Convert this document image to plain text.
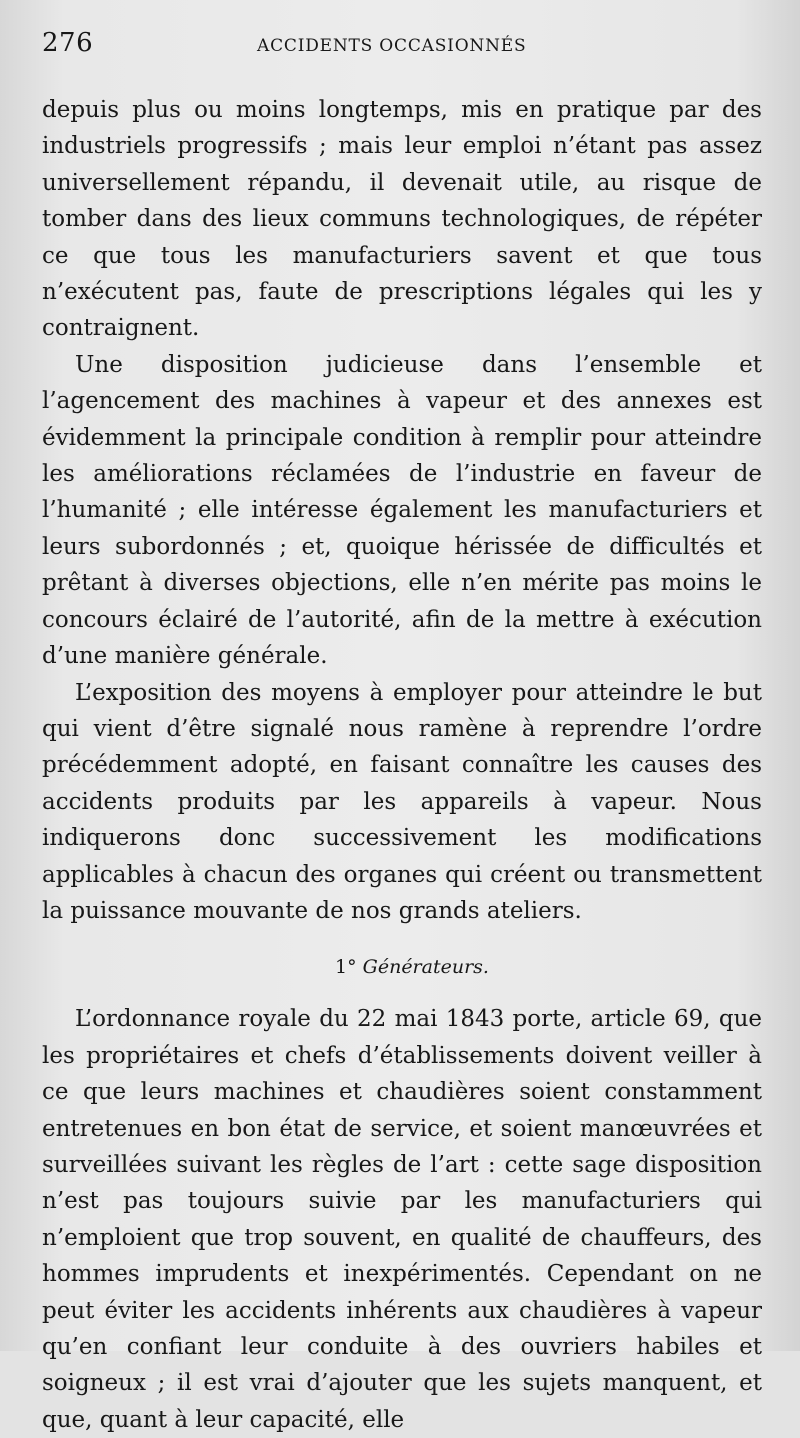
276	ACCIDENTS OCCASIONNÉS

depuis plus ou moins longtemps, mis en pratique par des industriels progressifs ; mais leur emploi n’étant pas assez universellement répandu, il devenait utile, au risque de tomber dans des lieux communs technologiques, de répéter ce que tous les manufacturiers savent et que tous n’exécutent pas, faute de prescriptions légales qui les y contraignent.

Une disposition judicieuse dans l’ensemble et l’agencement des machines à vapeur et des annexes est évidemment la principale condition à remplir pour atteindre les améliorations réclamées de l’industrie en faveur de l’humanité ; elle intéresse également les manufacturiers et leurs subordonnés ; et, quoique hérissée de difficultés et prêtant à diverses objections, elle n’en mérite pas moins le concours éclairé de l’autorité, afin de la mettre à exécution d’une manière générale.

L’exposition des moyens à employer pour atteindre le but qui vient d’être signalé nous ramène à reprendre l’ordre précédemment adopté, en faisant connaître les causes des accidents produits par les appareils à vapeur. Nous indiquerons donc successivement les modifications applicables à chacun des organes qui créent ou transmettent la puissance mouvante de nos grands ateliers.

1° Générateurs.

L’ordonnance royale du 22 mai 1843 porte, article 69, que les propriétaires et chefs d’établissements doivent veiller à ce que leurs machines et chaudières soient constamment entretenues en bon état de service, et soient manœuvrées et surveillées suivant les règles de l’art : cette sage disposition n’est pas toujours suivie par les manufacturiers qui n’emploient que trop souvent, en qualité de chauffeurs, des hommes imprudents et inexpérimentés. Cependant on ne peut éviter les accidents inhérents aux chaudières à vapeur qu’en confiant leur conduite à des ouvriers habiles et soigneux ; il est vrai d’ajouter que les sujets manquent, et que, quant à leur capacité, elle
